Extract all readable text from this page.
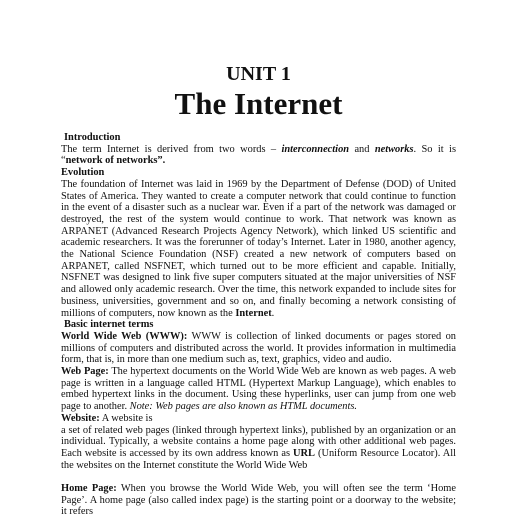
UNIT 1
The Internet

Introduction

The term Internet is derived from two words – interconnection and networks. So it is “network of networks”.

Evolution

The foundation of Internet was laid in 1969 by the Department of Defense (DOD) of United States of America. They wanted to create a computer network that could continue to function in the event of a disaster such as a nuclear war. Even if a part of the network was damaged or destroyed, the rest of the system would continue to work. That network was known as ARPANET (Advanced Research Projects Agency Network), which linked US scientific and academic researchers. It was the forerunner of today’s Internet. Later in 1980, another agency, the National Science Foundation (NSF) created a new network of computers based on ARPANET, called NSFNET, which turned out to be more efficient and capable. Initially, NSFNET was designed to link five super computers situated at the major universities of NSF and allowed only academic research. Over the time, this network expanded to include sites for business, universities, government and so on, and finally becoming a network consisting of millions of computers, now known as the Internet.

Basic internet terms

World Wide Web (WWW): WWW is collection of linked documents or pages stored on millions of computers and distributed across the world. It provides information in multimedia form, that is, in more than one medium such as, text, graphics, video and audio.

Web Page: The hypertext documents on the World Wide Web are known as web pages. A web page is written in a language called HTML (Hypertext Markup Language), which enables to embed hypertext links in the document. Using these hyperlinks, user can jump from one web page to another. Note: Web pages are also known as HTML documents.

Website: A website is

a set of related web pages (linked through hypertext links), published by an organization or an individual. Typically, a website contains a home page along with other additional web pages. Each website is accessed by its own address known as URL (Uniform Resource Locator). All the websites on the Internet constitute the World Wide Web

Home Page: When you browse the World Wide Web, you will often see the term ‘Home Page’. A home page (also called index page) is the starting point or a doorway to the website; it refers
